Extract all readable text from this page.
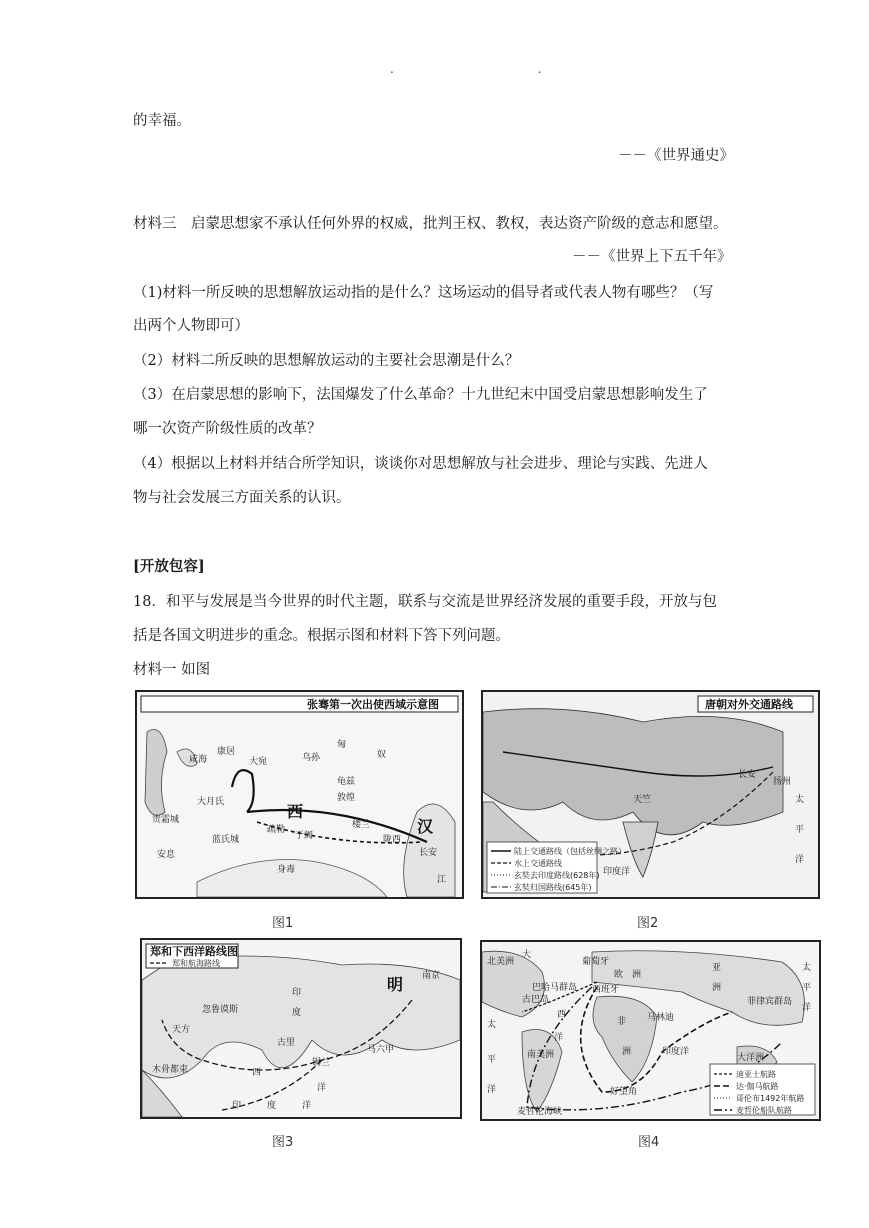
. .
的幸福。
－－《世界通史》
材料三　启蒙思想家不承认任何外界的权威，批判王权、教权，表达资产阶级的意志和愿望。
－－《世界上下五千年》
（1)材料一所反映的思想解放运动指的是什么？这场运动的倡导者或代表人物有哪些？（写
出两个人物即可）
（2）材料二所反映的思想解放运动的主要社会思潮是什么？
（3）在启蒙思想的影响下，法国爆发了什么革命？十九世纪末中国受启蒙思想影响发生了
哪一次资产阶级性质的改革？
（4）根据以上材料并结合所学知识，谈谈你对思想解放与社会进步、理论与实践、先进人
物与社会发展三方面关系的认识。
[开放包容]
18．和平与发展是当今世界的时代主题，联系与交流是世界经济发展的重要手段，开放与包
括是各国文明进步的重念。根据示图和材料下答下列问题。
材料一 如图
张骞第一次出使西域示意图
康居
大月氏	西
汉
匈
奴
安息
身毒
长安
敦煌
楼兰
于阗
疏勒
龟兹
蓝氏城
贵霜城
大宛
咸海	乌孙
陇西
江
图1
唐朝对外交通路线
长安
太
平
洋
印度洋
天竺
扬州
陆上交通路线（包括丝绸之路）
水上交通路线
玄奘去印度路线(628年)
玄奘归国路线(645年)
图2
郑和下西洋路线图
郑和航海路线
明 南京
印
度
西
洋
印	度	洋
马六甲
忽鲁谟斯
木骨都束
古里
锡兰
天方
图3
北美洲
大
西
洋
欧 洲
非
洲
亚
洲
太
平
洋
南美洲	印度洋
大洋洲
太
平
洋	好望角
葡萄牙
西班牙
巴哈马群岛
古巴岛
马林迪
菲律宾群岛
麦哲伦海峡
迪亚士航路
达·伽马航路
哥伦布1492年航路
麦哲伦船队航路
图4
